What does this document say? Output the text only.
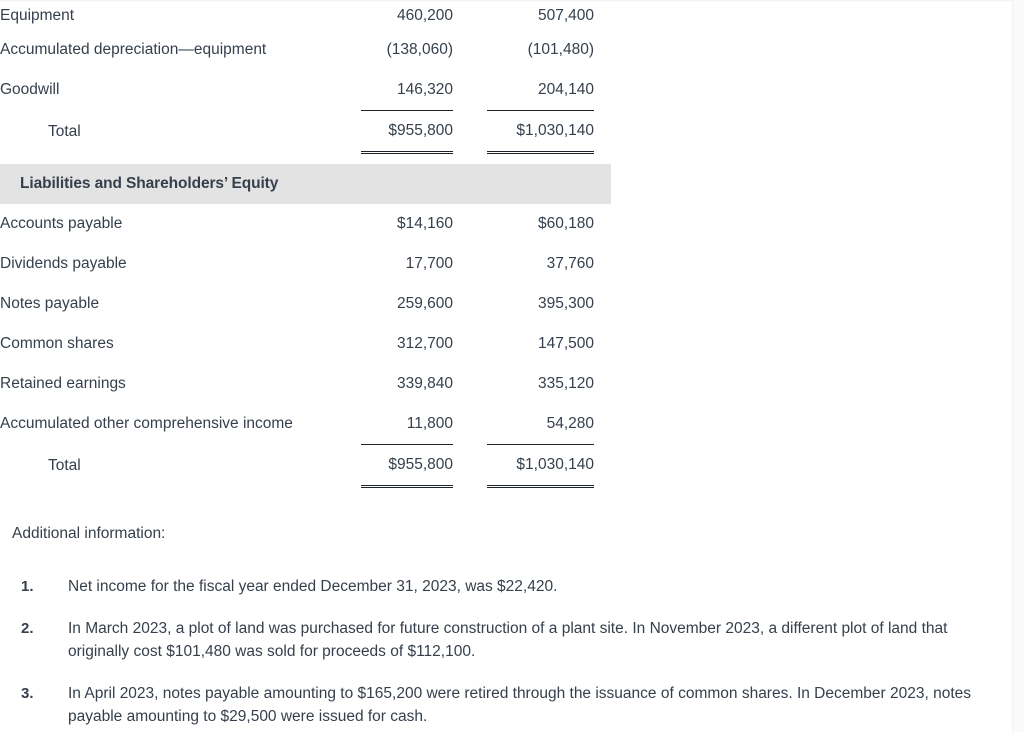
Equipment	460,200		507,400	
Accumulated depreciation—equipment	(138,060)		(101,480)	
Goodwill	146,320		204,140	
Total	$955,800		$1,030,140	

Liabilities and Shareholders’ Equity				
Accounts payable	$14,160		$60,180	
Dividends payable	17,700		37,760	
Notes payable	259,600		395,300	
Common shares	312,700		147,500	
Retained earnings	339,840		335,120	
Accumulated other comprehensive income	11,800		54,280	
Total	$955,800		$1,030,140	
Additional information:
1. Net income for the fiscal year ended December 31, 2023, was $22,420.
2. In March 2023, a plot of land was purchased for future construction of a plant site. In November 2023, a different plot of land that originally cost $101,480 was sold for proceeds of $112,100.
3. In April 2023, notes payable amounting to $165,200 were retired through the issuance of common shares. In December 2023, notes payable amounting to $29,500 were issued for cash.
